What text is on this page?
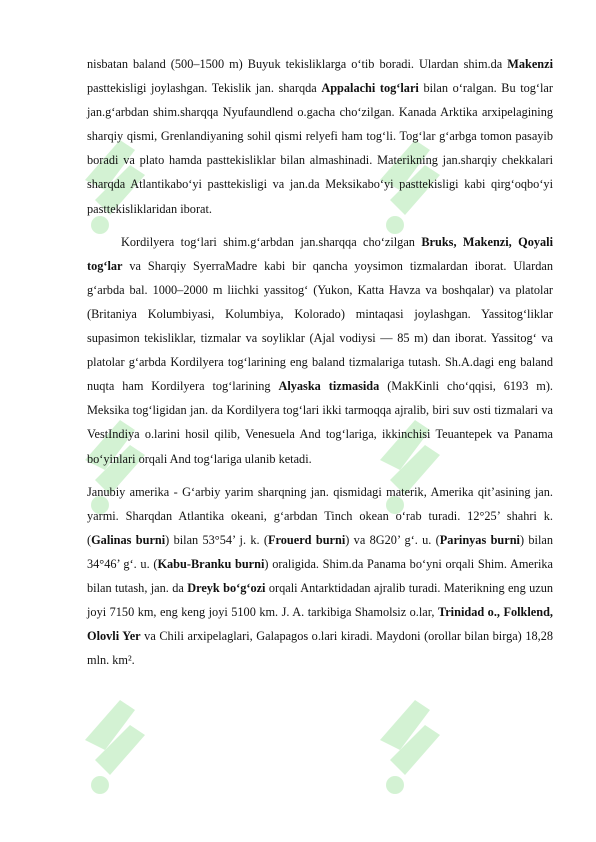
nisbatan baland (500–1500 m) Buyuk tekisliklarga o‘tib boradi. Ulardan shim.da Makenzi pasttekisligi joylashgan. Tekislik jan. sharqda Appalachi tog‘lari bilan o‘ralgan. Bu tog‘lar jan.g‘arbdan shim.sharqqa Nyufaundlend o.gacha cho‘zilgan. Kanada Arktika arxipelagining sharqiy qismi, Grenlandiyaning sohil qismi relyefi ham tog‘li. Tog‘lar g‘arbga tomon pasayib boradi va plato hamda pasttekisliklar bilan almashinadi. Materikning jan.sharqiy chekkalari sharqda Atlantikabo‘yi pasttekisligi va jan.da Meksikabo‘yi pasttekisligi kabi qirg‘oqbo‘yi pasttekisliklaridan iborat.

Kordilyera tog‘lari shim.g‘arbdan jan.sharqqa cho‘zilgan Bruks, Makenzi, Qoyali tog‘lar va Sharqiy SyerraMadre kabi bir qancha yoysimon tizmalardan iborat. Ulardan g‘arbda bal. 1000–2000 m liichki yassitog‘ (Yukon, Katta Havza va boshqalar) va platolar (Britaniya Kolumbiyasi, Kolumbiya, Kolorado) mintaqasi joylashgan. Yassitog‘liklar supasimon tekisliklar, tizmalar va soyliklar (Ajal vodiysi — 85 m) dan iborat. Yassitog‘ va platolar g‘arbda Kordilyera tog‘larining eng baland tizmalariga tutash. Sh.A.dagi eng baland nuqta ham Kordilyera tog‘larining Alyaska tizmasida (MakKinli cho‘qqisi, 6193 m). Meksika tog‘ligidan jan. da Kordilyera tog‘lari ikki tarmoqqa ajralib, biri suv osti tizmalari va VestIndiya o.larini hosil qilib, Venesuela And tog‘lariga, ikkinchisi Teuantepek va Panama bo‘yinlari orqali And tog‘lariga ulanib ketadi.

Janubiy amerika - G‘arbiy yarim sharqning jan. qismidagi materik, Amerika qit’asining jan. yarmi. Sharqdan Atlantika okeani, g‘arbdan Tinch okean o‘rab turadi. 12°25’ shahri k. (Galinas burni) bilan 53°54’ j. k. (Frouerd burni) va 8G20’ g‘. u. (Parinyas burni) bilan 34°46’ g‘. u. (Kabu-Branku burni) oraligida. Shim.da Panama bo‘yni orqali Shim. Amerika bilan tutash, jan. da Dreyk bo‘g‘ozi orqali Antarktidadan ajralib turadi. Materikning eng uzun joyi 7150 km, eng keng joyi 5100 km. J. A. tarkibiga Shamolsiz o.lar, Trinidad o., Folklend, Olovli Yer va Chili arxipelaglari, Galapagos o.lari kiradi. Maydoni (orollar bilan birga) 18,28 mln. km².
